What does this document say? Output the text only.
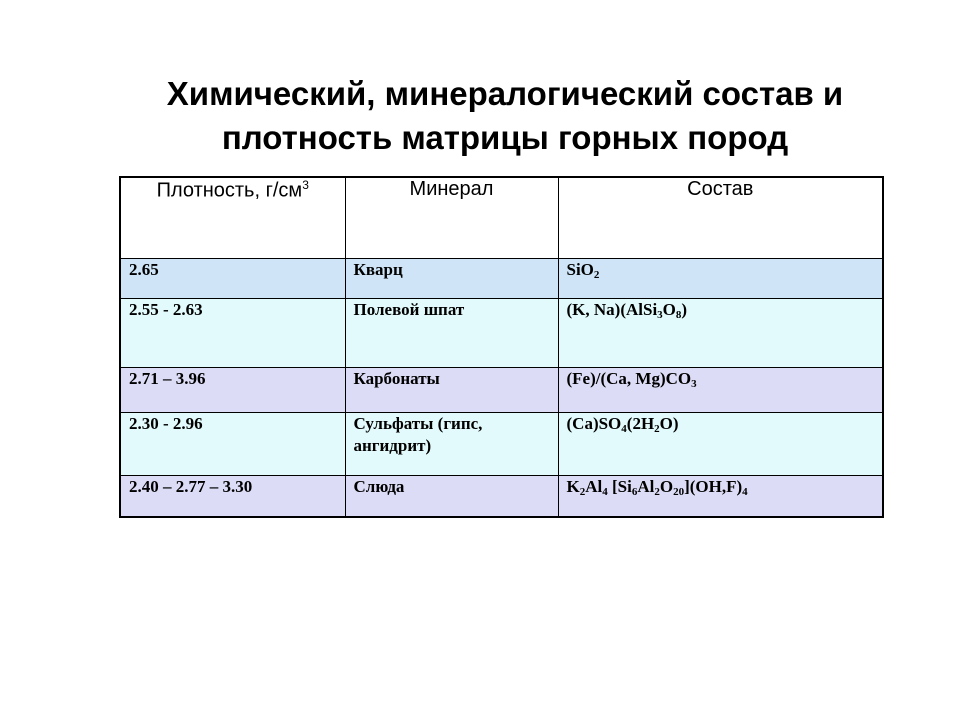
Химический, минералогический состав и
плотность матрицы горных пород
Плотность, $г/см^3$	Минерал	Состав
2.65	Кварц	SiO$_2$
2.55 - 2.63	Полевой шпат	(K, $Na)(AlSi_3O_8)$
2.71 – 3.96	Карбонаты	(Fe)/(Ca, $Mg)CO_3$
2.30 - 2.96	Сульфаты (гипс, ангидрит)	$(Ca)SO_4(2H_2O)$
2.40 – 2.77 – 3.30	Слюда	$K_2Al_4$ $[Si_6Al_2O_{20}](OH,F)_4$
